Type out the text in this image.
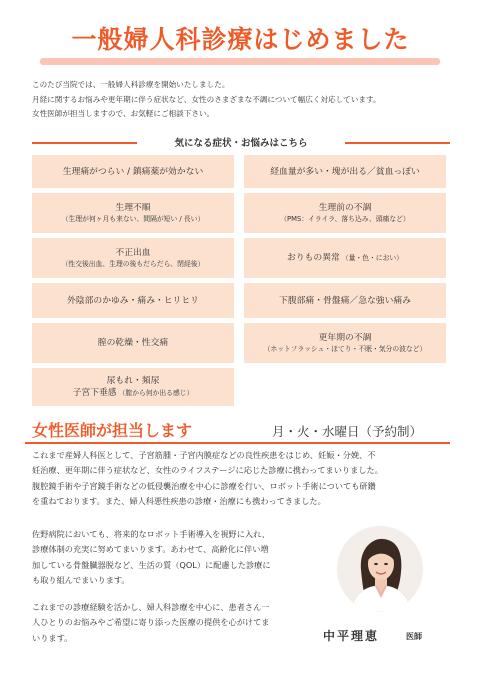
一般婦人科診療はじめました
このたび当院では、一般婦人科診療を開始いたしました。
月経に関するお悩みや更年期に伴う症状など、女性のさまざまな不調について幅広く対応しています。
女性医師が担当しますので、お気軽にご相談下さい。
気になる症状・お悩みはこちら
生理痛がつらい / 鎮痛薬が効かない	経血量が多い・塊が出る／貧血っぽい
生理不順
（生理が何ヶ月も来ない、間隔が短い / 長い）
生理前の不調
（PMS：イライラ、落ち込み、頭痛など）
不正出血
（性交後出血、生理の後もだらだら、閉経後）
おりもの異常 （量・色・におい）
外陰部のかゆみ・痛み・ヒリヒリ	下腹部痛・骨盤痛／急な強い痛み
膣の乾燥・性交痛
更年期の不調
（ホットフラッシュ・ほてり・不眠・気分の波など）
尿もれ・頻尿
子宮下垂感 （膣から何か出る感じ）
女性医師が担当します	月・火・水曜日（予約制）
これまで産婦人科医として、子宮筋腫・子宮内膜症などの良性疾患をはじめ、妊娠・分娩、不
妊治療、更年期に伴う症状など、女性のライフステージに応じた診療に携わってまいりました。
腹腔鏡手術や子宮鏡手術などの低侵襲治療を中心に診療を行い、ロボット手術についても研鑽
を重ねております。また、婦人科悪性疾患の診療・治療にも携わってきました。
佐野病院においても、将来的なロボット手術導入を視野に入れ、
診療体制の充実に努めてまいります。あわせて、高齢化に伴い増
加している骨盤臓器脱など、生活の質（QOL）に配慮した診療に
も取り組んでまいります。
これまでの診療経験を活かし、婦人科診療を中心に、患者さん一
人ひとりのお悩みやご希望に寄り添った医療の提供を心がけてま
いります。	中平理恵	医師
